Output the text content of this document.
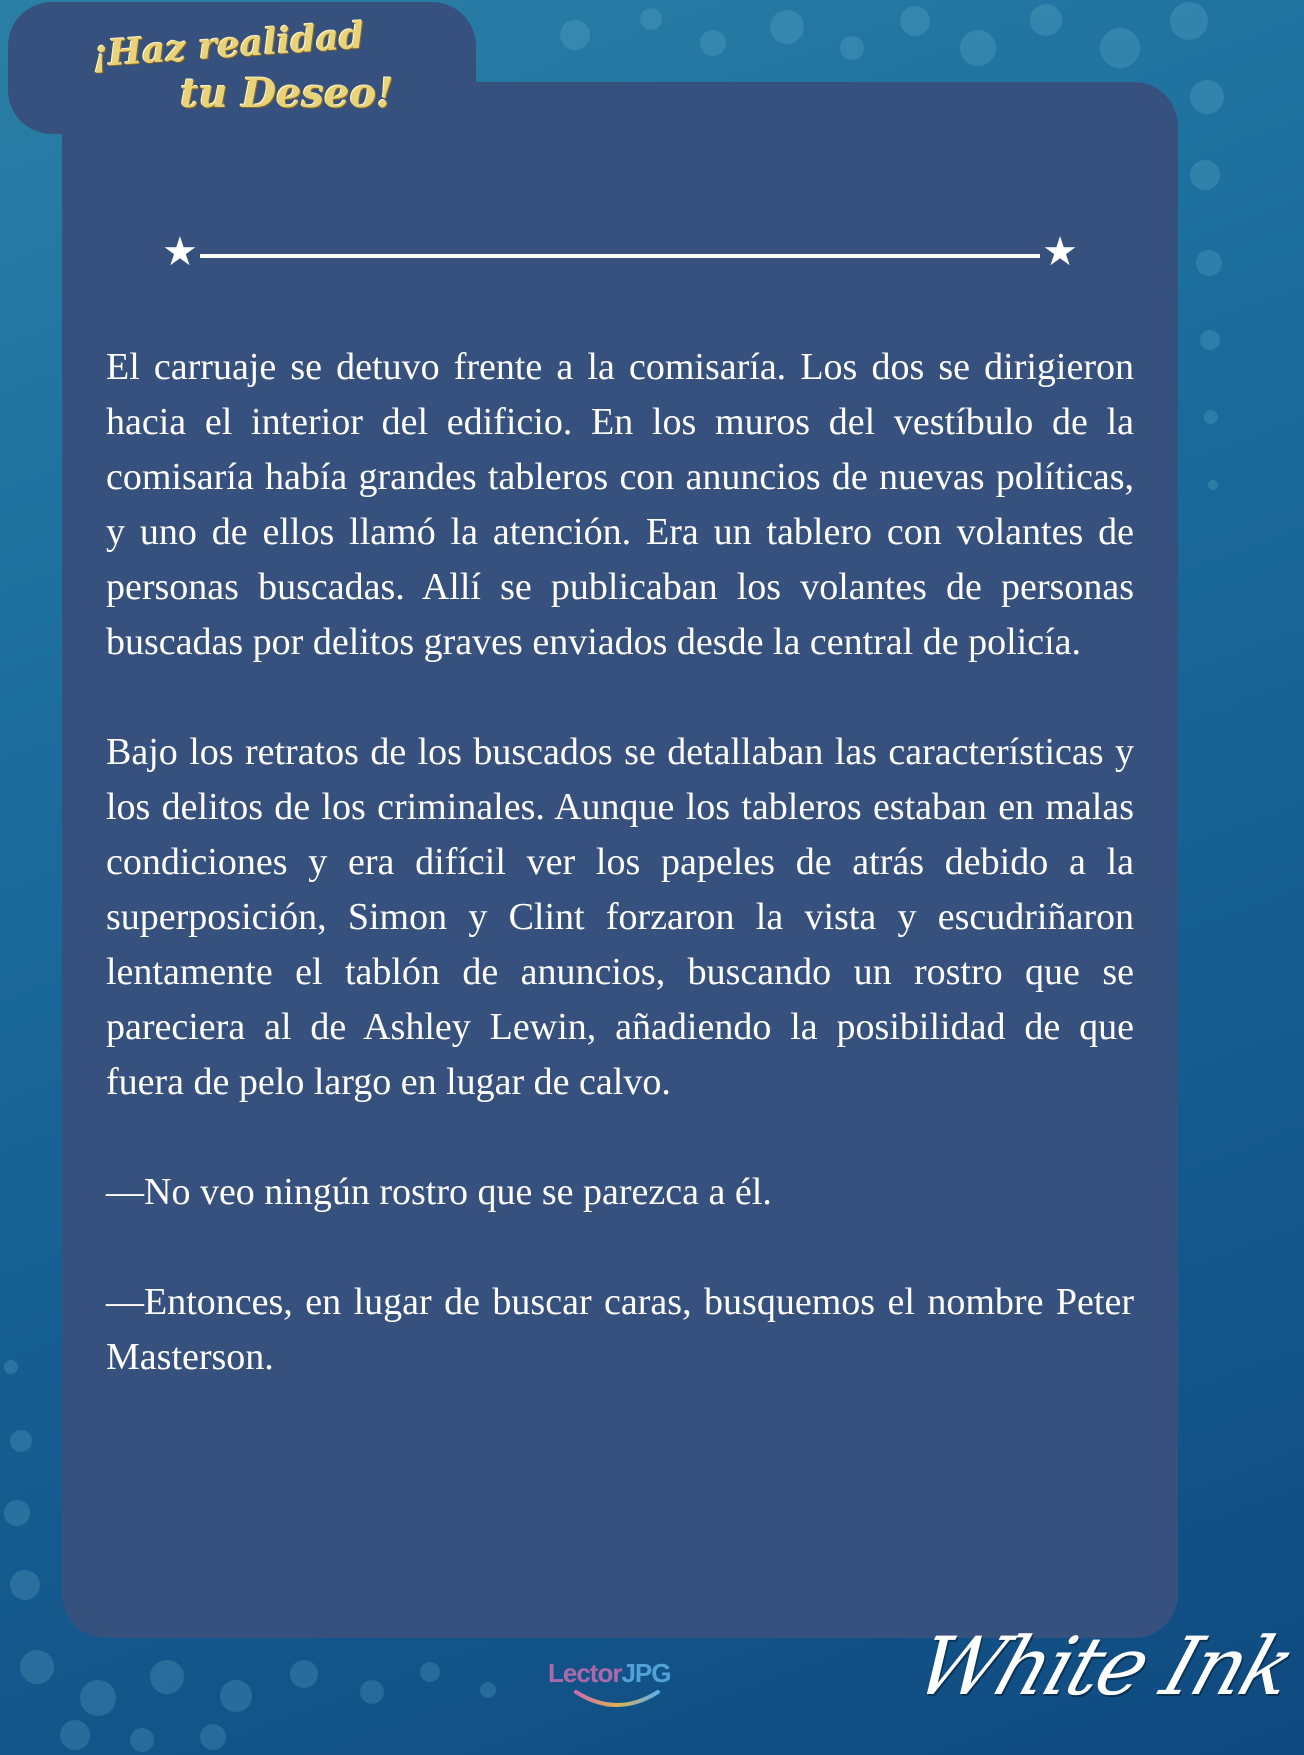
¡Haz realidad
tu Deseo!
★	★

El carruaje se detuvo frente a la comisaría. Los dos se dirigieron hacia el interior del edificio. En los muros del vestíbulo de la comisaría había grandes tableros con anuncios de nuevas políticas, y uno de ellos llamó la atención. Era un tablero con volantes de personas buscadas. Allí se publicaban los volantes de personas buscadas por delitos graves enviados desde la central de policía.

Bajo los retratos de los buscados se detallaban las características y los delitos de los criminales. Aunque los tableros estaban en malas condiciones y era difícil ver los papeles de atrás debido a la superposición, Simon y Clint forzaron la vista y escudriñaron lentamente el tablón de anuncios, buscando un rostro que se pareciera al de Ashley Lewin, añadiendo la posibilidad de que fuera de pelo largo en lugar de calvo.

—No veo ningún rostro que se parezca a él.

—Entonces, en lugar de buscar caras, busquemos el nombre Peter Masterson.

LectorJPG	White Ink
